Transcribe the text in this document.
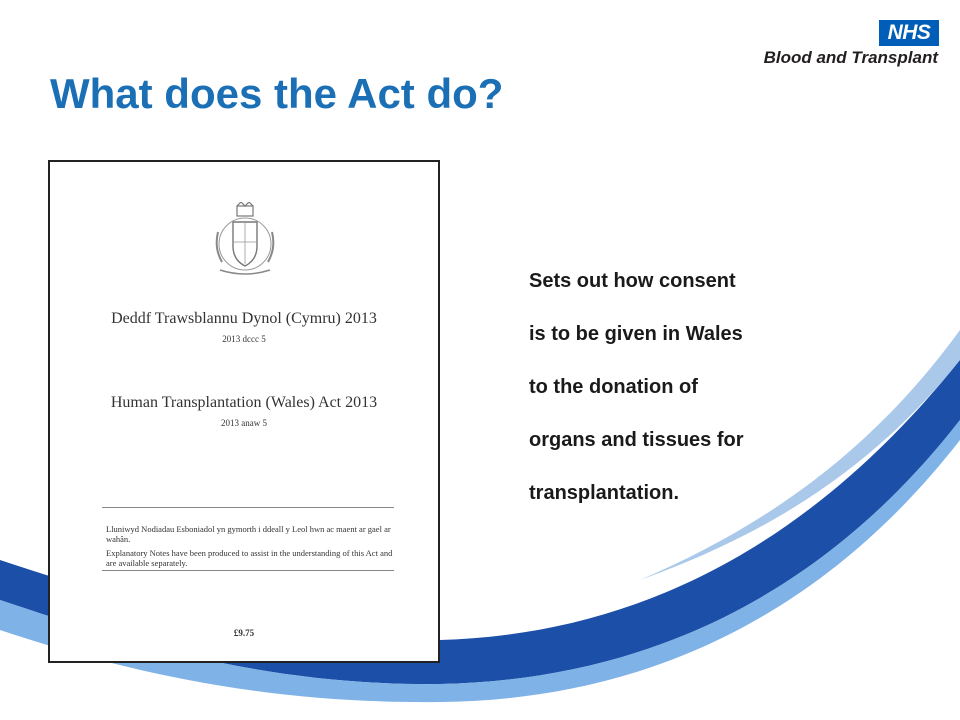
NHS
Blood and Transplant
What does the Act do?
Deddf Trawsblannu Dynol (Cymru) 2013
2013 dccc 5
Human Transplantation (Wales) Act 2013
2013 anaw 5
Lluniwyd Nodiadau Esboniadol yn gymorth i ddeall y Leol hwn ac maent ar gael ar wahân.
Explanatory Notes have been produced to assist in the understanding of this Act and are available separately.
£9.75
Sets out how consent
is to be given in Wales
to the donation of
organs and tissues for
transplantation.
